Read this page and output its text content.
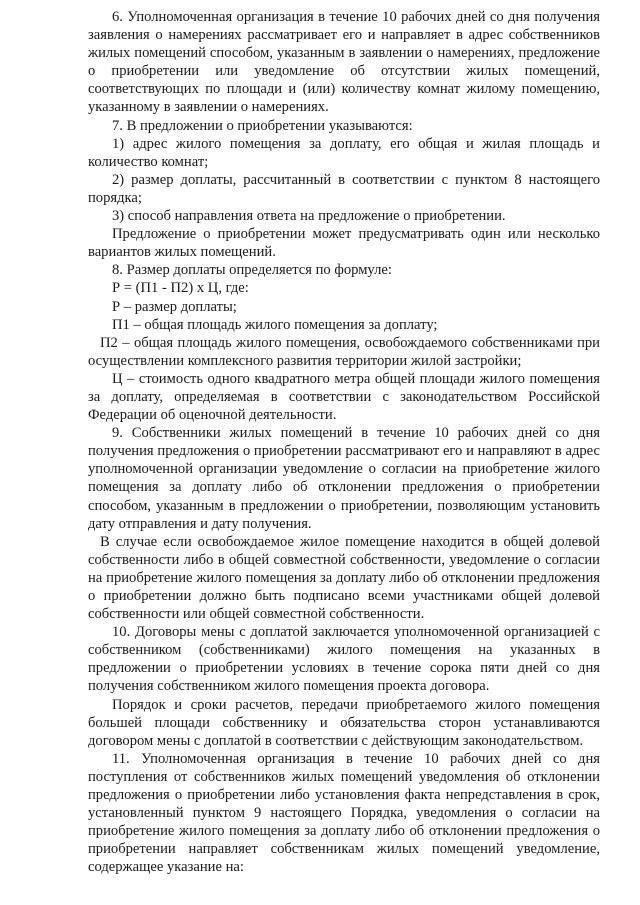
6. Уполномоченная организация в течение 10 рабочих дней со дня получения заявления о намерениях рассматривает его и направляет в адрес собственников жилых помещений способом, указанным в заявлении о намерениях, предложение о приобретении или уведомление об отсутствии жилых помещений, соответствующих по площади и (или) количеству комнат жилому помещению, указанному в заявлении о намерениях.

7. В предложении о приобретении указываются:

1) адрес жилого помещения за доплату, его общая и жилая площадь и количество комнат;

2) размер доплаты, рассчитанный в соответствии с пунктом 8 настоящего порядка;

3) способ направления ответа на предложение о приобретении.

Предложение о приобретении может предусматривать один или несколько вариантов жилых помещений.

8. Размер доплаты определяется по формуле:

Р = (П1 - П2) х Ц, где:

Р – размер доплаты;

П1 – общая площадь жилого помещения за доплату;

П2 – общая площадь жилого помещения, освобождаемого собственниками при осуществлении комплексного развития территории жилой застройки;

Ц – стоимость одного квадратного метра общей площади жилого помещения за доплату, определяемая в соответствии с законодательством Российской Федерации об оценочной деятельности.

9. Собственники жилых помещений в течение 10 рабочих дней со дня получения предложения о приобретении рассматривают его и направляют в адрес уполномоченной организации уведомление о согласии на приобретение жилого помещения за доплату либо об отклонении предложения о приобретении способом, указанным в предложении о приобретении, позволяющим установить дату отправления и дату получения.

В случае если освобождаемое жилое помещение находится в общей долевой собственности либо в общей совместной собственности, уведомление о согласии на приобретение жилого помещения за доплату либо об отклонении предложения о приобретении должно быть подписано всеми участниками общей долевой собственности или общей совместной собственности.

10. Договоры мены с доплатой заключается уполномоченной организацией с собственником (собственниками) жилого помещения на указанных в предложении о приобретении условиях в течение сорока пяти дней со дня получения собственником жилого помещения проекта договора.

Порядок и сроки расчетов, передачи приобретаемого жилого помещения большей площади собственнику и обязательства сторон устанавливаются договором мены с доплатой в соответствии с действующим законодательством.

11. Уполномоченная организация в течение 10 рабочих дней со дня поступления от собственников жилых помещений уведомления об отклонении предложения о приобретении либо установления факта непредставления в срок, установленный пунктом 9 настоящего Порядка, уведомления о согласии на приобретение жилого помещения за доплату либо об отклонении предложения о приобретении направляет собственникам жилых помещений уведомление, содержащее указание на:
